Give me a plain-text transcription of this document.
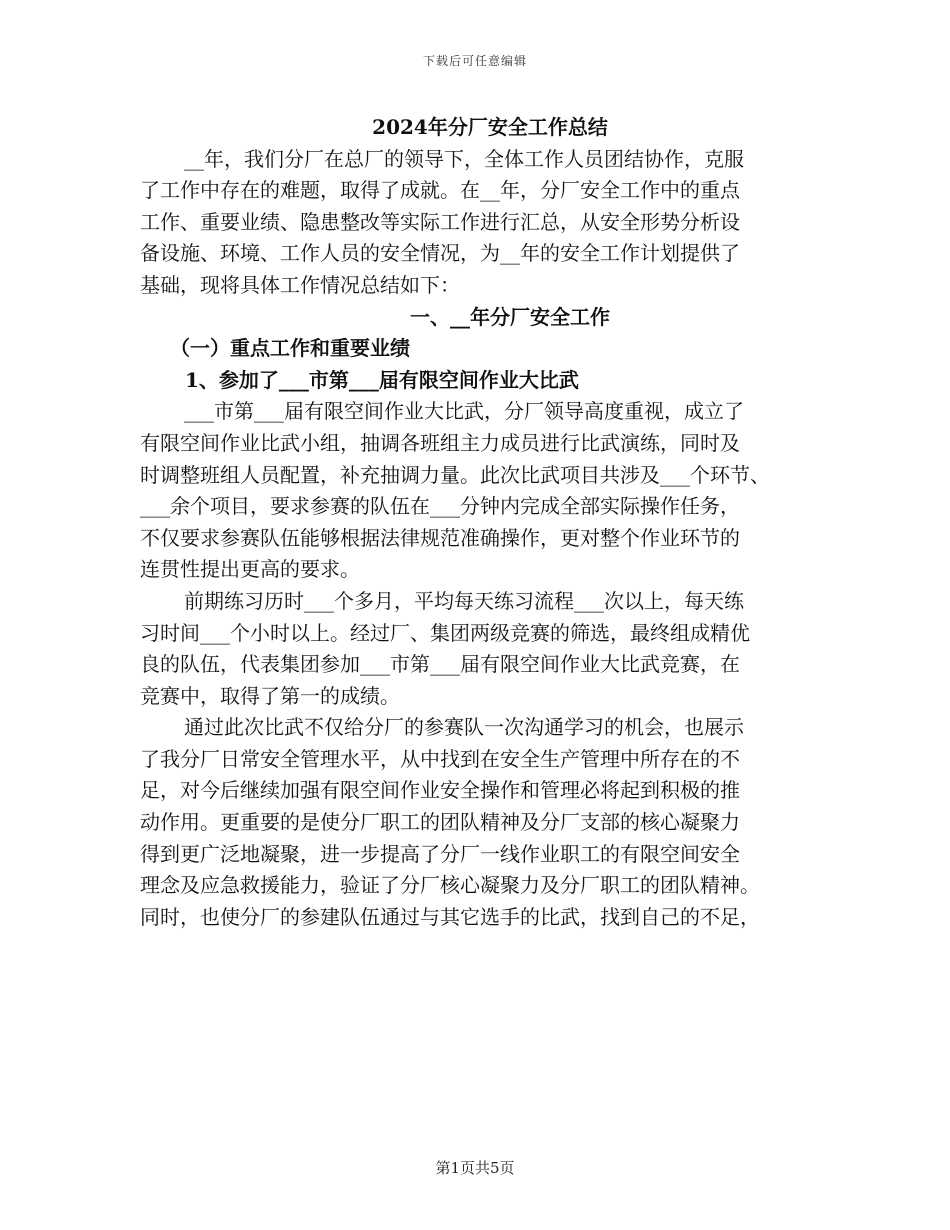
下载后可任意编辑
2024年分厂安全工作总结
__年，我们分厂在总厂的领导下，全体工作人员团结协作，克服
了工作中存在的难题，取得了成就。在__年，分厂安全工作中的重点
工作、重要业绩、隐患整改等实际工作进行汇总，从安全形势分析设
备设施、环境、工作人员的安全情况，为__年的安全工作计划提供了
基础，现将具体工作情况总结如下：
一、__年分厂安全工作
（一）重点工作和重要业绩
1、参加了___市第___届有限空间作业大比武
___市第___届有限空间作业大比武，分厂领导高度重视，成立了
有限空间作业比武小组，抽调各班组主力成员进行比武演练，同时及
时调整班组人员配置，补充抽调力量。此次比武项目共涉及___个环节、
___余个项目，要求参赛的队伍在___分钟内完成全部实际操作任务，
不仅要求参赛队伍能够根据法律规范准确操作，更对整个作业环节的
连贯性提出更高的要求。
前期练习历时___个多月，平均每天练习流程___次以上，每天练
习时间___个小时以上。经过厂、集团两级竞赛的筛选，最终组成精优
良的队伍，代表集团参加___市第___届有限空间作业大比武竞赛，在
竞赛中，取得了第一的成绩。
通过此次比武不仅给分厂的参赛队一次沟通学习的机会，也展示
了我分厂日常安全管理水平，从中找到在安全生产管理中所存在的不
足，对今后继续加强有限空间作业安全操作和管理必将起到积极的推
动作用。更重要的是使分厂职工的团队精神及分厂支部的核心凝聚力
得到更广泛地凝聚，进一步提高了分厂一线作业职工的有限空间安全
理念及应急救援能力，验证了分厂核心凝聚力及分厂职工的团队精神。
同时，也使分厂的参建队伍通过与其它选手的比武，找到自己的不足，
第1页共5页
